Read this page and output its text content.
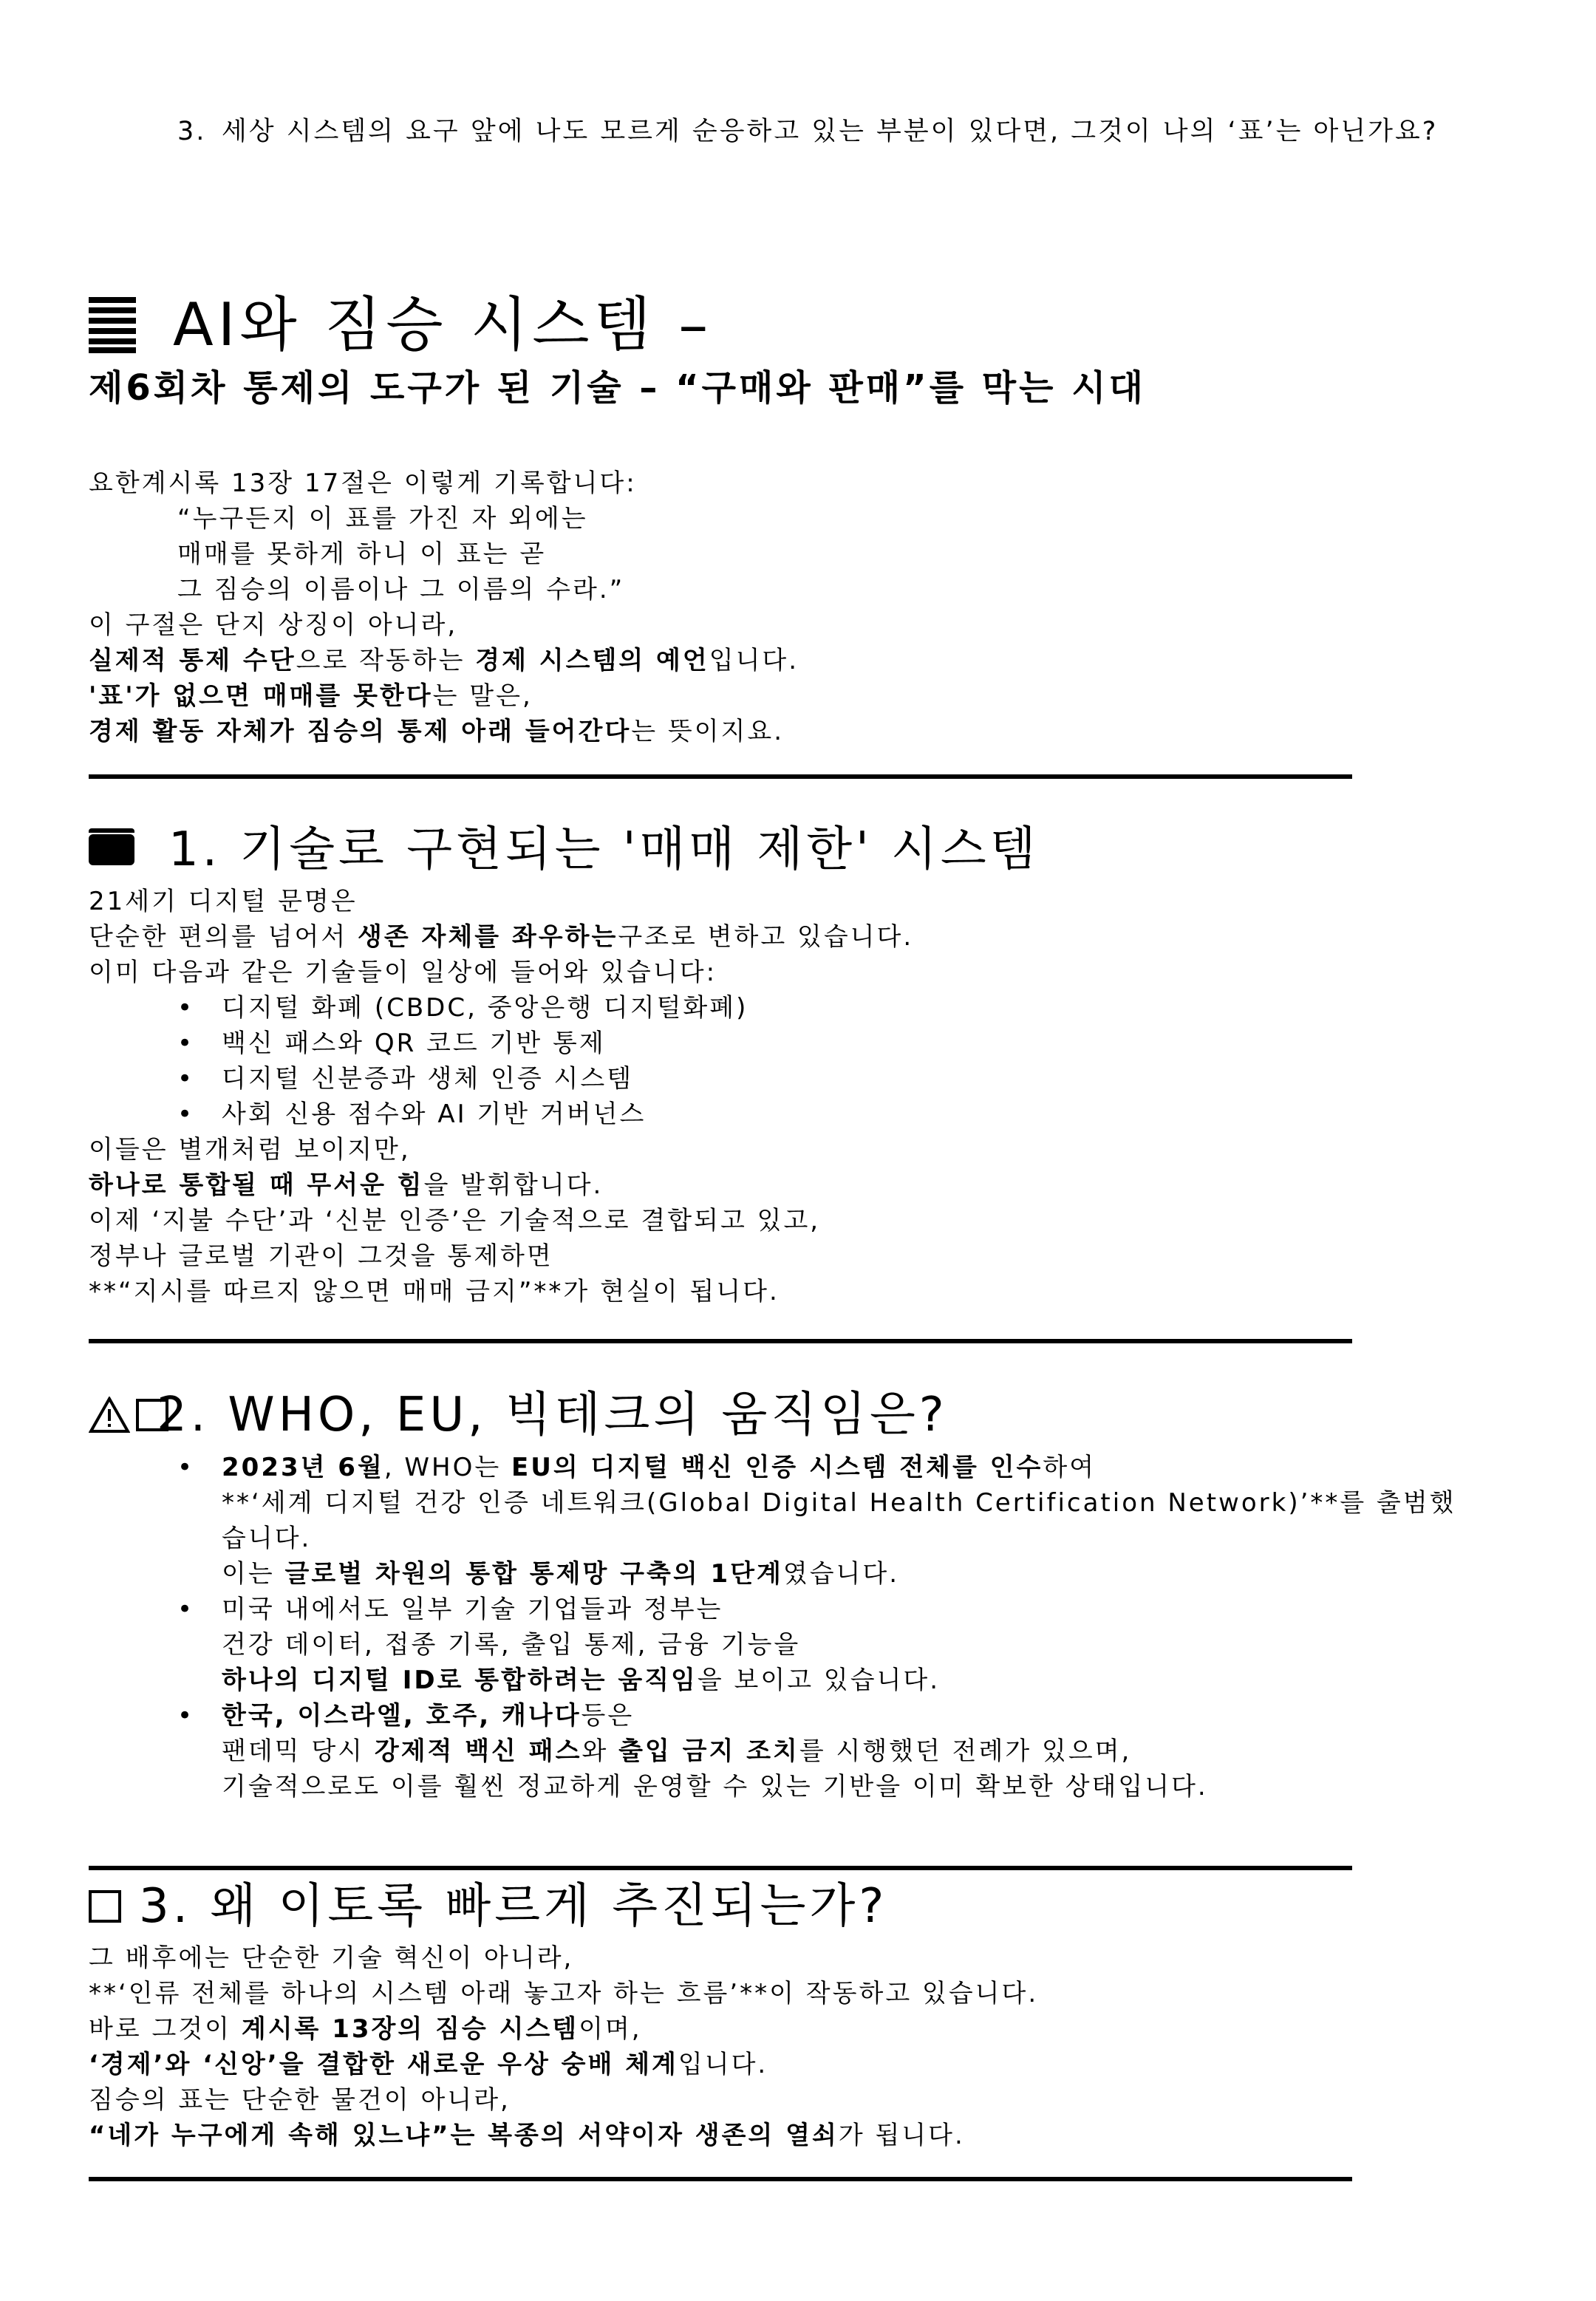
3. 세상 시스템의 요구 앞에 나도 모르게 순응하고 있는 부분이 있다면, 그것이 나의 ‘표’는 아닌가요?
AI와 짐승 시스템 –
제6회차 통제의 도구가 된 기술 – “구매와 판매”를 막는 시대
요한계시록 13장 17절은 이렇게 기록합니다:
“누구든지 이 표를 가진 자 외에는
매매를 못하게 하니 이 표는 곧
그 짐승의 이름이나 그 이름의 수라.”
이 구절은 단지 상징이 아니라,
실제적 통제 수단으로 작동하는 경제 시스템의 예언입니다.
'표'가 없으면 매매를 못한다는 말은,
경제 활동 자체가 짐승의 통제 아래 들어간다는 뜻이지요.
1. 기술로 구현되는 '매매 제한' 시스템
21세기 디지털 문명은
단순한 편의를 넘어서 생존 자체를 좌우하는구조로 변하고 있습니다.
이미 다음과 같은 기술들이 일상에 들어와 있습니다:
• 디지털 화폐 (CBDC, 중앙은행 디지털화폐)
• 백신 패스와 QR 코드 기반 통제
• 디지털 신분증과 생체 인증 시스템
• 사회 신용 점수와 AI 기반 거버넌스
이들은 별개처럼 보이지만,
하나로 통합될 때 무서운 힘을 발휘합니다.
이제 ‘지불 수단’과 ‘신분 인증’은 기술적으로 결합되고 있고,
정부나 글로벌 기관이 그것을 통제하면
**“지시를 따르지 않으면 매매 금지”**가 현실이 됩니다.
2. WHO, EU, 빅테크의 움직임은?
• 2023년 6월, WHO는 EU의 디지털 백신 인증 시스템 전체를 인수하여
**‘세계 디지털 건강 인증 네트워크(Global Digital Health Certification Network)’**를 출범했
습니다.
이는 글로벌 차원의 통합 통제망 구축의 1단계였습니다.
• 미국 내에서도 일부 기술 기업들과 정부는
건강 데이터, 접종 기록, 출입 통제, 금융 기능을
하나의 디지털 ID로 통합하려는 움직임을 보이고 있습니다.
• 한국, 이스라엘, 호주, 캐나다등은
팬데믹 당시 강제적 백신 패스와 출입 금지 조치를 시행했던 전례가 있으며,
기술적으로도 이를 훨씬 정교하게 운영할 수 있는 기반을 이미 확보한 상태입니다.
3. 왜 이토록 빠르게 추진되는가?
그 배후에는 단순한 기술 혁신이 아니라,
**‘인류 전체를 하나의 시스템 아래 놓고자 하는 흐름’**이 작동하고 있습니다.
바로 그것이 계시록 13장의 짐승 시스템이며,
‘경제’와 ‘신앙’을 결합한 새로운 우상 숭배 체계입니다.
짐승의 표는 단순한 물건이 아니라,
“네가 누구에게 속해 있느냐”는 복종의 서약이자 생존의 열쇠가 됩니다.
